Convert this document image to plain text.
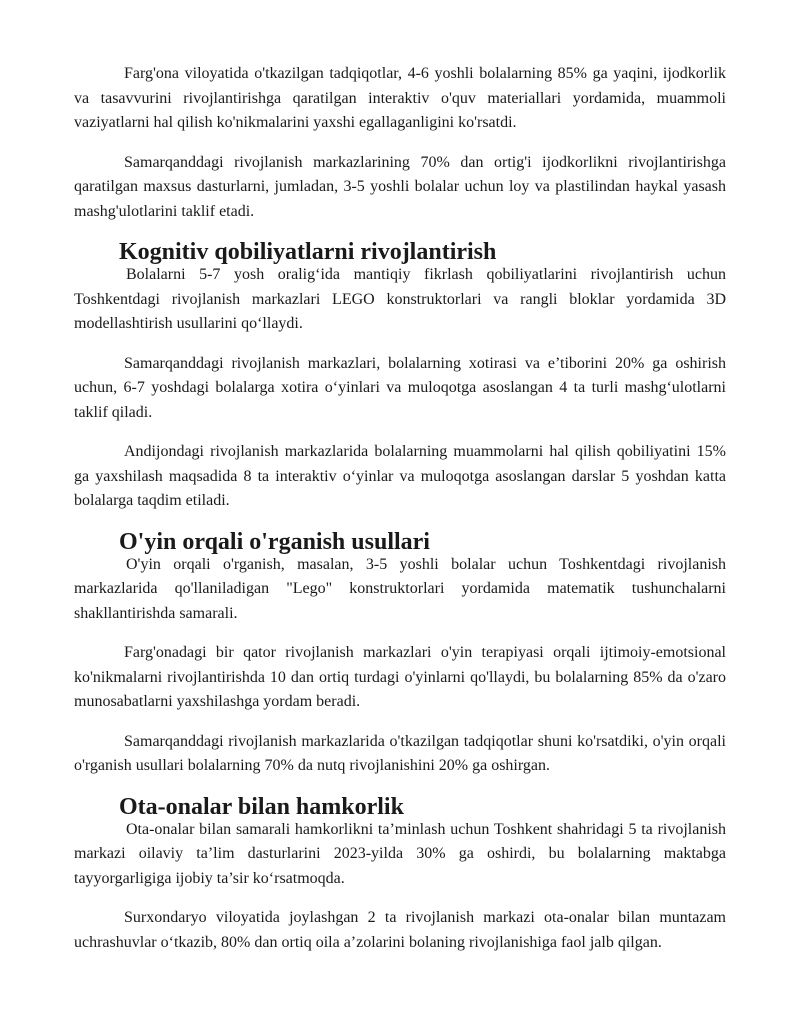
Farg'ona viloyatida o'tkazilgan tadqiqotlar, 4-6 yoshli bolalarning 85% ga yaqini, ijodkorlik va tasavvurini rivojlantirishga qaratilgan interaktiv o'quv materiallari yordamida, muammoli vaziyatlarni hal qilish ko'nikmalarini yaxshi egallaganligini ko'rsatdi.

Samarqanddagi rivojlanish markazlarining 70% dan ortig'i ijodkorlikni rivojlantirishga qaratilgan maxsus dasturlarni, jumladan, 3-5 yoshli bolalar uchun loy va plastilindan haykal yasash mashg'ulotlarini taklif etadi.

Kognitiv qobiliyatlarni rivojlantirish

Bolalarni 5-7 yosh oralig‘ida mantiqiy fikrlash qobiliyatlarini rivojlantirish uchun Toshkentdagi rivojlanish markazlari LEGO konstruktorlari va rangli bloklar yordamida 3D modellashtirish usullarini qo‘llaydi.

Samarqanddagi rivojlanish markazlari, bolalarning xotirasi va e’tiborini 20% ga oshirish uchun, 6-7 yoshdagi bolalarga xotira o‘yinlari va muloqotga asoslangan 4 ta turli mashg‘ulotlarni taklif qiladi.

Andijondagi rivojlanish markazlarida bolalarning muammolarni hal qilish qobiliyatini 15% ga yaxshilash maqsadida 8 ta interaktiv o‘yinlar va muloqotga asoslangan darslar 5 yoshdan katta bolalarga taqdim etiladi.

O'yin orqali o'rganish usullari

O'yin orqali o'rganish, masalan, 3-5 yoshli bolalar uchun Toshkentdagi rivojlanish markazlarida qo'llaniladigan "Lego" konstruktorlari yordamida matematik tushunchalarni shakllantirishda samarali.

Farg'onadagi bir qator rivojlanish markazlari o'yin terapiyasi orqali ijtimoiy-emotsional ko'nikmalarni rivojlantirishda 10 dan ortiq turdagi o'yinlarni qo'llaydi, bu bolalarning 85% da o'zaro munosabatlarni yaxshilashga yordam beradi.

Samarqanddagi rivojlanish markazlarida o'tkazilgan tadqiqotlar shuni ko'rsatdiki, o'yin orqali o'rganish usullari bolalarning 70% da nutq rivojlanishini 20% ga oshirgan.

Ota-onalar bilan hamkorlik

Ota-onalar bilan samarali hamkorlikni ta’minlash uchun Toshkent shahridagi 5 ta rivojlanish markazi oilaviy ta’lim dasturlarini 2023-yilda 30% ga oshirdi, bu bolalarning maktabga tayyorgarligiga ijobiy ta’sir ko‘rsatmoqda.

Surxondaryo viloyatida joylashgan 2 ta rivojlanish markazi ota-onalar bilan muntazam uchrashuvlar o‘tkazib, 80% dan ortiq oila a’zolarini bolaning rivojlanishiga faol jalb qilgan.
